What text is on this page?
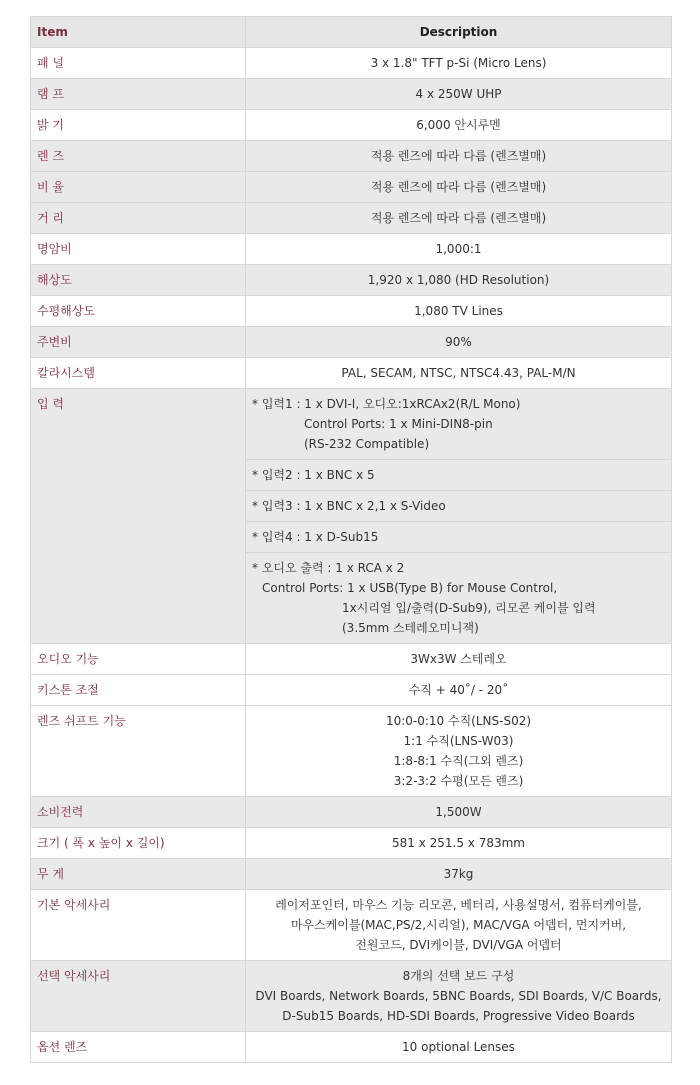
Item	Description
패 널	3 x 1.8" TFT p-Si (Micro Lens)
램 프	4 x 250W UHP
밝 기	6,000 안시루멘
렌 즈	적용 렌즈에 따라 다름 (렌즈별매)
비 율	적용 렌즈에 따라 다름 (렌즈별매)
거 리	적용 렌즈에 따라 다름 (렌즈별매)
명암비	1,000:1
해상도	1,920 x 1,080 (HD Resolution)
수평해상도	1,080 TV Lines
주변비	90%
칼라시스템	PAL, SECAM, NTSC, NTSC4.43, PAL-M/N
입 력	* 입력1 : 1 x DVI-I, 오디오:1xRCAx2(R/L Mono)
Control Ports: 1 x Mini-DIN8-pin
(RS-232 Compatible)

	* 입력2 : 1 x BNC x 5

	* 입력3 : 1 x BNC x 2,1 x S-Video

	* 입력4 : 1 x D-Sub15

	* 오디오 출력 : 1 x RCA x 2
Control Ports: 1 x USB(Type B) for Mouse Control,
1x시리얼 입/출력(D-Sub9), 리모콘 케이블 입력
(3.5mm 스테레오미니잭)

오디오 기능	3Wx3W 스테레오

키스톤 조절	수직 + 40˚/ - 20˚

렌즈 쉬프트 기능	10:0-0:10 수직(LNS-S02)
1:1 수직(LNS-W03)
1:8-8:1 수직(그외 렌즈)
3:2-3:2 수평(모든 렌즈)

소비전력	1,500W

크기 ( 폭 x 높이 x 길이)	581 x 251.5 x 783mm

무 게	37kg

기본 악세사리	레이저포인터, 마우스 기능 리모콘, 베터리, 사용설명서, 컴퓨터케이블,
마우스케이블(MAC,PS/2,시리얼), MAC/VGA 어뎁터, 먼지커버,
전원코드, DVI케이블, DVI/VGA 어뎁터

선택 악세사리	8개의 선택 보드 구성
DVI Boards, Network Boards, 5BNC Boards, SDI Boards, V/C Boards,
D-Sub15 Boards, HD-SDI Boards, Progressive Video Boards

옵션 렌즈	10 optional Lenses
